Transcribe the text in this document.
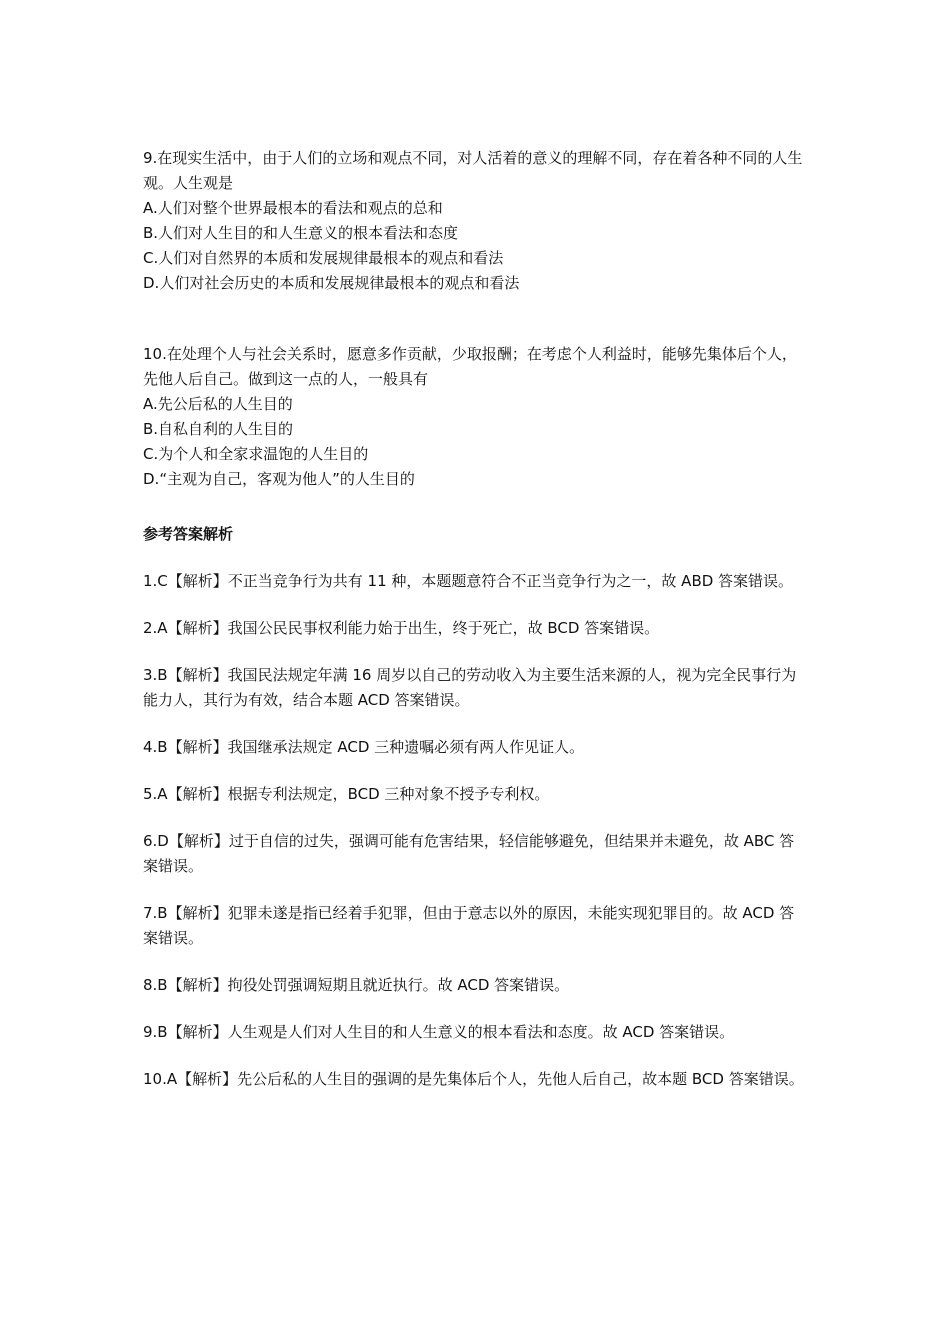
9.在现实生活中，由于人们的立场和观点不同，对人活着的意义的理解不同，存在着各种不同的人生观。人生观是

A.人们对整个世界最根本的看法和观点的总和

B.人们对人生目的和人生意义的根本看法和态度

C.人们对自然界的本质和发展规律最根本的观点和看法

D.人们对社会历史的本质和发展规律最根本的观点和看法

10.在处理个人与社会关系时，愿意多作贡献，少取报酬；在考虑个人利益时，能够先集体后个人，先他人后自己。做到这一点的人，一般具有

A.先公后私的人生目的

B.自私自利的人生目的

C.为个人和全家求温饱的人生目的

D.“主观为自己，客观为他人”的人生目的

参考答案解析

1.C【解析】不正当竞争行为共有 11 种，本题题意符合不正当竞争行为之一，故 ABD 答案错误。

2.A【解析】我国公民民事权利能力始于出生，终于死亡，故 BCD 答案错误。

3.B【解析】我国民法规定年满 16 周岁以自己的劳动收入为主要生活来源的人，视为完全民事行为能力人，其行为有效，结合本题 ACD 答案错误。

4.B【解析】我国继承法规定 ACD 三种遗嘱必须有两人作见证人。

5.A【解析】根据专利法规定，BCD 三种对象不授予专利权。

6.D【解析】过于自信的过失，强调可能有危害结果，轻信能够避免，但结果并未避免，故 ABC 答案错误。

7.B【解析】犯罪未遂是指已经着手犯罪，但由于意志以外的原因，未能实现犯罪目的。故 ACD 答案错误。

8.B【解析】拘役处罚强调短期且就近执行。故 ACD 答案错误。

9.B【解析】人生观是人们对人生目的和人生意义的根本看法和态度。故 ACD 答案错误。

10.A【解析】先公后私的人生目的强调的是先集体后个人，先他人后自己，故本题 BCD 答案错误。
